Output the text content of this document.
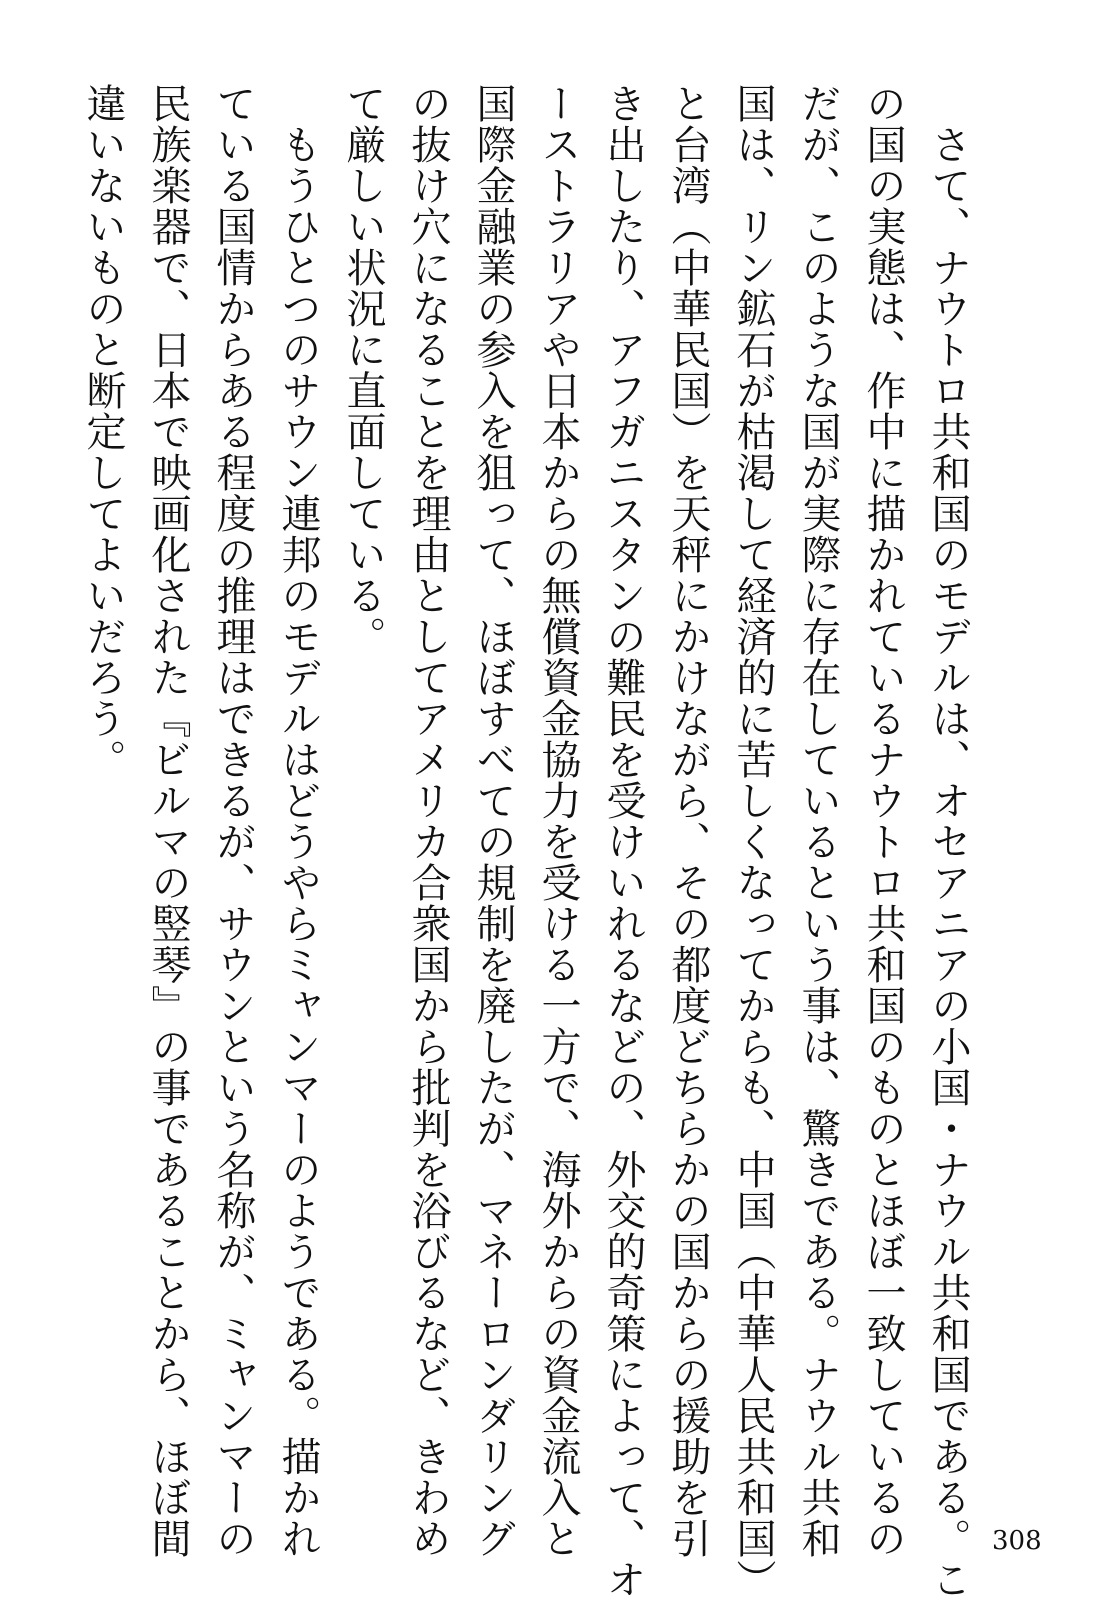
　さて、ナウトロ共和国のモデルは、オセアニアの小国・ナウル共和国である。こ
の国の実態は、作中に描かれているナウトロ共和国のものとほぼ一致しているの
だが、このような国が実際に存在しているという事は、驚きである。ナウル共和
国は、リン鉱石が枯渇して経済的に苦しくなってからも、中国（中華人民共和国）
と台湾（中華民国）を天秤にかけながら、その都度どちらかの国からの援助を引
き出したり、アフガニスタンの難民を受けいれるなどの、外交的奇策によって、オ
ーストラリアや日本からの無償資金協力を受ける一方で、海外からの資金流入と
国際金融業の参入を狙って、ほぼすべての規制を廃したが、マネーロンダリング
の抜け穴になることを理由としてアメリカ合衆国から批判を浴びるなど、きわめ
て厳しい状況に直面している。
　もうひとつのサウン連邦のモデルはどうやらミャンマーのようである。描かれ
ている国情からある程度の推理はできるが、サウンという名称が、ミャンマーの
民族楽器で、日本で映画化された『ビルマの竪琴』の事であることから、ほぼ間
違いないものと断定してよいだろう。
308
